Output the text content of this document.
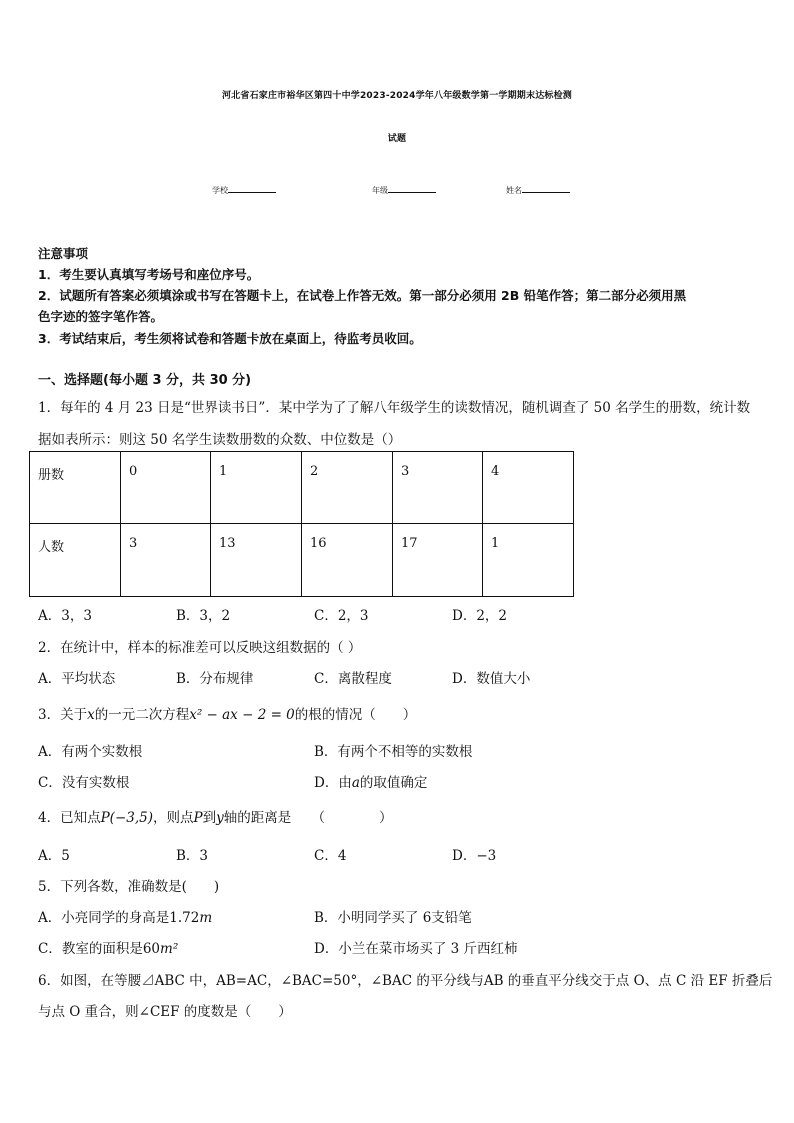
河北省石家庄市裕华区第四十中学2023-2024学年八年级数学第一学期期末达标检测
试题
学校	年级	姓名
注意事项
1．考生要认真填写考场号和座位序号。
2．试题所有答案必须填涂或书写在答题卡上，在试卷上作答无效。第一部分必须用 2B 铅笔作答；第二部分必须用黑
色字迹的签字笔作答。
3．考试结束后，考生须将试卷和答题卡放在桌面上，待监考员收回。
一、选择题(每小题 3 分，共 30 分)
1．每年的 4 月 23 日是“世界读书日”．某中学为了了解八年级学生的读数情况，随机调查了 50 名学生的册数，统计数
据如表所示：则这 50 名学生读数册数的众数、中位数是（）
册数	0	1	2	3	4
人数	3	13	16	17	1
A．3，3	B．3，2	C．2，3	D．2，2
2．在统计中，样本的标准差可以反映这组数据的（ ）
A．平均状态	B．分布规律	C．离散程度	D．数值大小
3．关于x的一元二次方程x² − ax − 2 = 0的根的情况（　　）
A．有两个实数根	B．有两个不相等的实数根
C．没有实数根	D．由a的取值确定
4．已知点P(−3,5)，则点P到y轴的距离是　　（　　　　）
A．5	B．3	C．4	D．−3
5．下列各数，准确数是(　　)
A．小亮同学的身高是1.72m	B．小明同学买了 6支铅笔
C．教室的面积是60m²	D．小兰在菜市场买了 3 斤西红柿
6．如图，在等腰⊿ABC 中，AB=AC，∠BAC=50°，∠BAC 的平分线与AB 的垂直平分线交于点 O、点 C 沿 EF 折叠后
与点 O 重合，则∠CEF 的度数是（　　）
